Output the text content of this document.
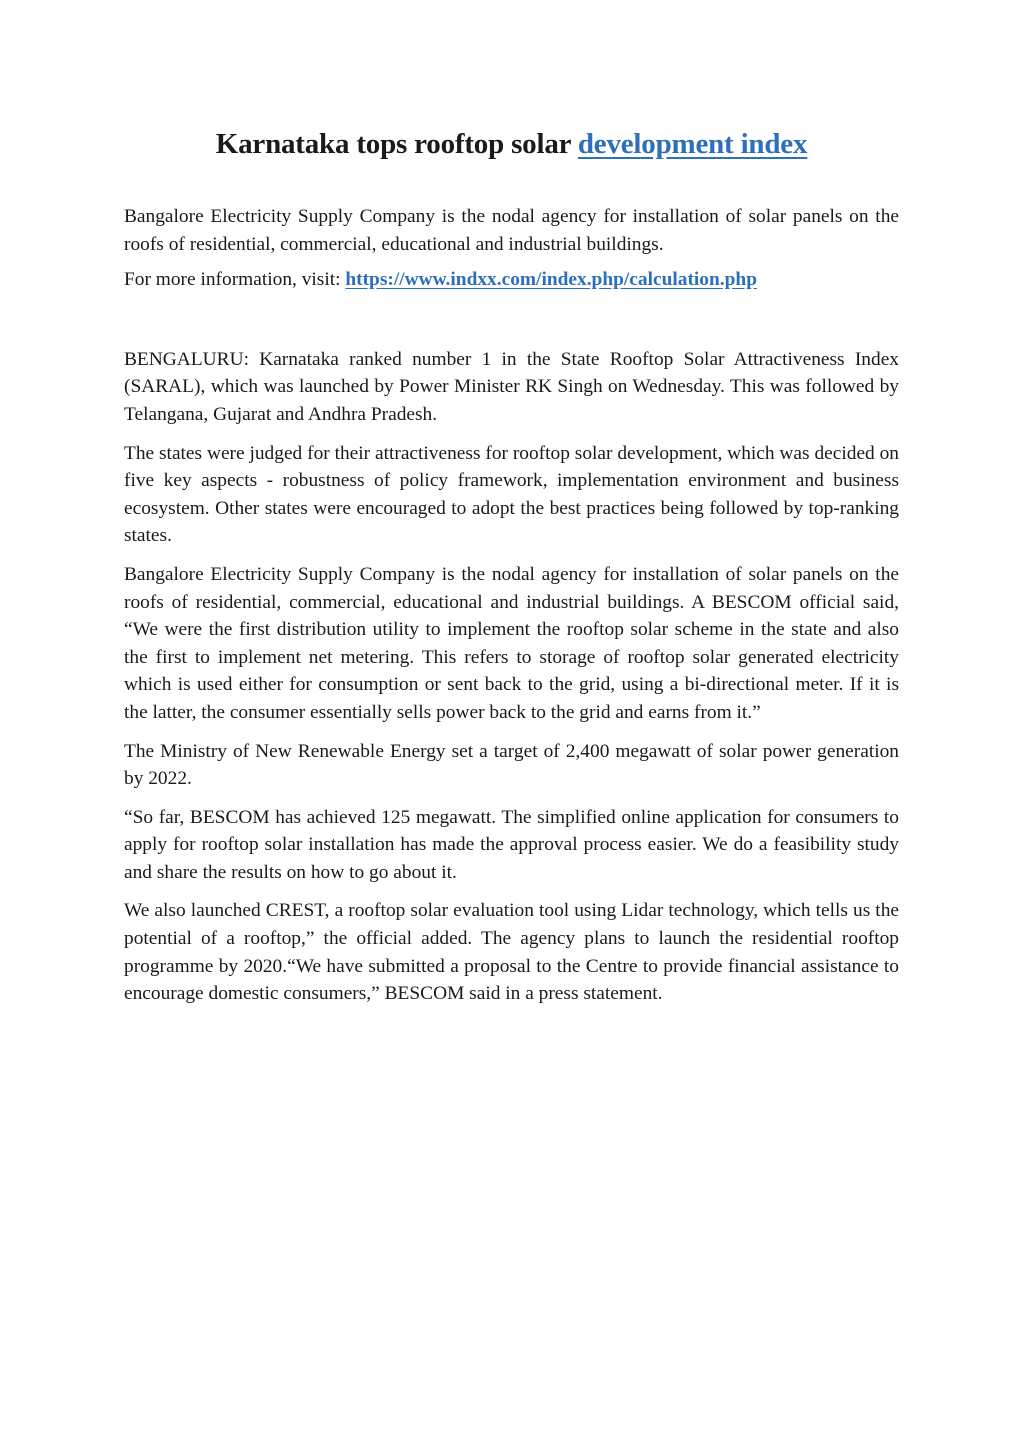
Karnataka tops rooftop solar development index

Bangalore Electricity Supply Company is the nodal agency for installation of solar panels on the roofs of residential, commercial, educational and industrial buildings.

For more information, visit: https://www.indxx.com/index.php/calculation.php

BENGALURU: Karnataka ranked number 1 in the State Rooftop Solar Attractiveness Index (SARAL), which was launched by Power Minister RK Singh on Wednesday. This was followed by Telangana, Gujarat and Andhra Pradesh.

The states were judged for their attractiveness for rooftop solar development, which was decided on five key aspects - robustness of policy framework, implementation environment and business ecosystem. Other states were encouraged to adopt the best practices being followed by top-ranking states.

Bangalore Electricity Supply Company is the nodal agency for installation of solar panels on the roofs of residential, commercial, educational and industrial buildings. A BESCOM official said, “We were the first distribution utility to implement the rooftop solar scheme in the state and also the first to implement net metering. This refers to storage of rooftop solar generated electricity which is used either for consumption or sent back to the grid, using a bi-directional meter. If it is the latter, the consumer essentially sells power back to the grid and earns from it.”

The Ministry of New Renewable Energy set a target of 2,400 megawatt of solar power generation by 2022.

“So far, BESCOM has achieved 125 megawatt. The simplified online application for consumers to apply for rooftop solar installation has made the approval process easier. We do a feasibility study and share the results on how to go about it.

We also launched CREST, a rooftop solar evaluation tool using Lidar technology, which tells us the potential of a rooftop,” the official added. The agency plans to launch the residential rooftop programme by 2020.“We have submitted a proposal to the Centre to provide financial assistance to encourage domestic consumers,” BESCOM said in a press statement.
